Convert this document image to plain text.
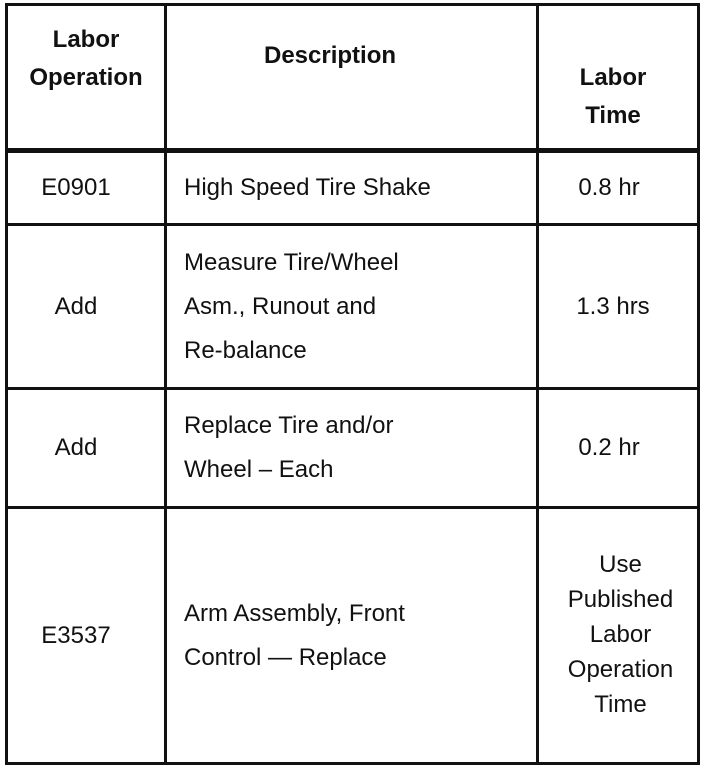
Labor
Operation
Description
Labor
Time
E0901	High Speed Tire Shake	0.8 hr
Add
Measure Tire/Wheel
Asm., Runout and
Re-balance
1.3 hrs
Add
Replace Tire and/or
Wheel – Each
0.2 hr
E3537
Arm Assembly, Front
Control — Replace
Use
Published
Labor
Operation
Time
